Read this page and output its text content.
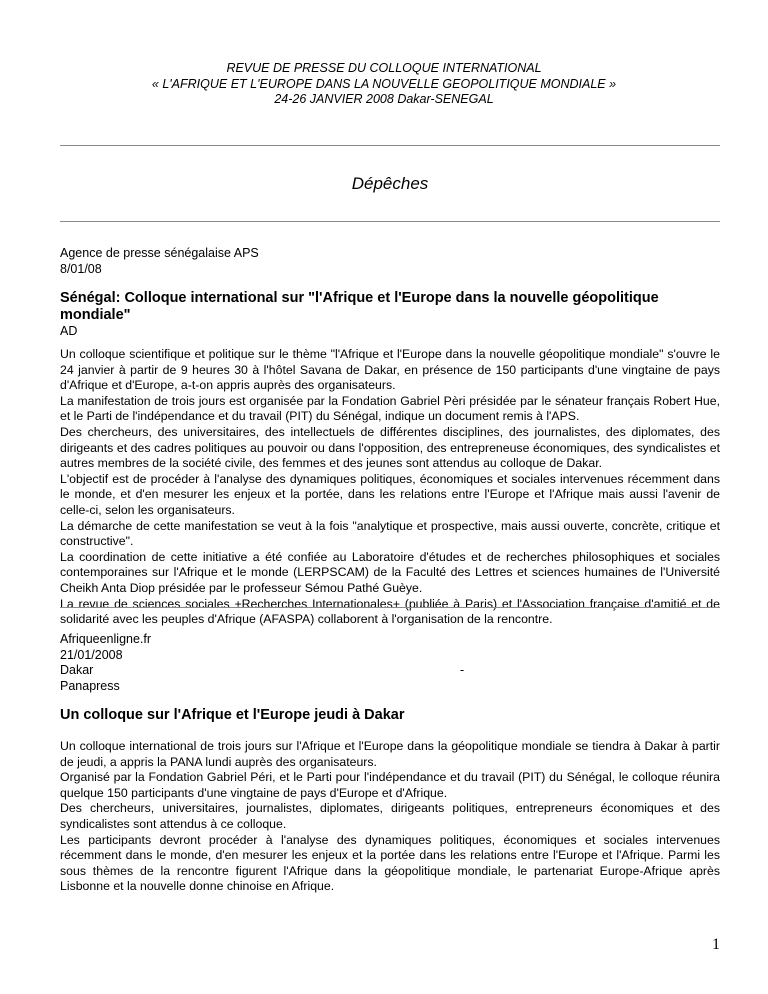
REVUE DE PRESSE DU COLLOQUE INTERNATIONAL
« L'AFRIQUE ET L'EUROPE DANS LA NOUVELLE GEOPOLITIQUE MONDIALE »
24-26 JANVIER 2008 Dakar-SENEGAL
Dépêches
Agence de presse sénégalaise APS
8/01/08
Sénégal: Colloque international sur "l'Afrique et l'Europe dans la nouvelle géopolitique mondiale"
AD

Un colloque scientifique et politique sur le thème "l'Afrique et l'Europe dans la nouvelle géopolitique mondiale" s'ouvre le 24 janvier à partir de 9 heures 30 à l'hôtel Savana de Dakar, en présence de 150 participants d'une vingtaine de pays d'Afrique et d'Europe, a-t-on appris auprès des organisateurs.

La manifestation de trois jours est organisée par la Fondation Gabriel Pèri présidée par le sénateur français Robert Hue, et le Parti de l'indépendance et du travail (PIT) du Sénégal, indique un document remis à l'APS.

Des chercheurs, des universitaires, des intellectuels de différentes disciplines, des journalistes, des diplomates, des dirigeants et des cadres politiques au pouvoir ou dans l'opposition, des entrepreneuse économiques, des syndicalistes et autres membres de la société civile, des femmes et des jeunes sont attendus au colloque de Dakar.

L'objectif est de procéder à l'analyse des dynamiques politiques, économiques et sociales intervenues récemment dans le monde, et d'en mesurer les enjeux et la portée, dans les relations entre l'Europe et l'Afrique mais aussi l'avenir de celle-ci, selon les organisateurs.

La démarche de cette manifestation se veut à la fois "analytique et prospective, mais aussi ouverte, concrète, critique et constructive".

La coordination de cette initiative a été confiée au Laboratoire d'études et de recherches philosophiques et sociales contemporaines sur l'Afrique et le monde (LERPSCAM) de la Faculté des Lettres et sciences humaines de l'Université Cheikh Anta Diop présidée par le professeur Sémou Pathé Guèye.

La revue de sciences sociales +Recherches Internationales+ (publiée à Paris) et l'Association française d'amitié et de solidarité avec les peuples d'Afrique (AFASPA) collaborent à l'organisation de la rencontre.

Afriqueenligne.fr
21/01/2008
Dakar
Panapress
-
Un colloque sur l'Afrique et l'Europe jeudi à Dakar

Un colloque international de trois jours sur l'Afrique et l'Europe dans la géopolitique mondiale se tiendra à Dakar à partir de jeudi, a appris la PANA lundi auprès des organisateurs.

Organisé par la Fondation Gabriel Péri, et le Parti pour l'indépendance et du travail (PIT) du Sénégal, le colloque réunira quelque 150 participants d'une vingtaine de pays d'Europe et d'Afrique.

Des chercheurs, universitaires, journalistes, diplomates, dirigeants politiques, entrepreneurs économiques et des syndicalistes sont attendus à ce colloque.

Les participants devront procéder à l'analyse des dynamiques politiques, économiques et sociales intervenues récemment dans le monde, d'en mesurer les enjeux et la portée dans les relations entre l'Europe et l'Afrique. Parmi les sous thèmes de la rencontre figurent l'Afrique dans la géopolitique mondiale, le partenariat Europe-Afrique après Lisbonne et la nouvelle donne chinoise en Afrique.

1
